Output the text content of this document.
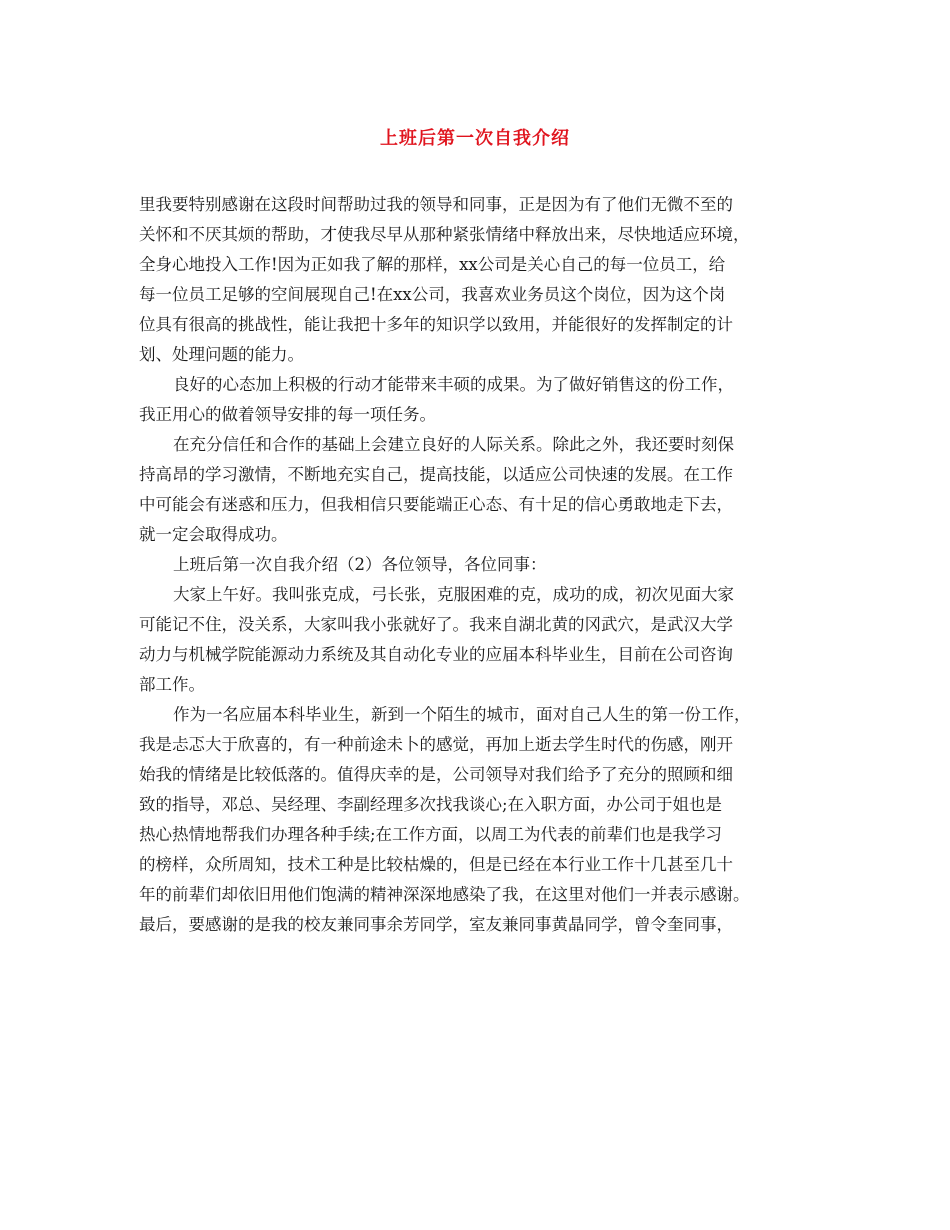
上班后第一次自我介绍
里我要特别感谢在这段时间帮助过我的领导和同事，正是因为有了他们无微不至的
关怀和不厌其烦的帮助，才使我尽早从那种紧张情绪中释放出来，尽快地适应环境，
全身心地投入工作!因为正如我了解的那样，xx公司是关心自己的每一位员工，给
每一位员工足够的空间展现自己!在xx公司，我喜欢业务员这个岗位，因为这个岗
位具有很高的挑战性，能让我把十多年的知识学以致用，并能很好的发挥制定的计
划、处理问题的能力。
良好的心态加上积极的行动才能带来丰硕的成果。为了做好销售这的份工作，
我正用心的做着领导安排的每一项任务。
在充分信任和合作的基础上会建立良好的人际关系。除此之外，我还要时刻保
持高昂的学习激情，不断地充实自己，提高技能，以适应公司快速的发展。在工作
中可能会有迷惑和压力，但我相信只要能端正心态、有十足的信心勇敢地走下去，
就一定会取得成功。
上班后第一次自我介绍（2）各位领导，各位同事：
大家上午好。我叫张克成，弓长张，克服困难的克，成功的成，初次见面大家
可能记不住，没关系，大家叫我小张就好了。我来自湖北黄的冈武穴，是武汉大学
动力与机械学院能源动力系统及其自动化专业的应届本科毕业生，目前在公司咨询
部工作。
作为一名应届本科毕业生，新到一个陌生的城市，面对自己人生的第一份工作，
我是忐忑大于欣喜的，有一种前途未卜的感觉，再加上逝去学生时代的伤感，刚开
始我的情绪是比较低落的。值得庆幸的是，公司领导对我们给予了充分的照顾和细
致的指导，邓总、吴经理、李副经理多次找我谈心;在入职方面，办公司于姐也是
热心热情地帮我们办理各种手续;在工作方面，以周工为代表的前辈们也是我学习
的榜样，众所周知，技术工种是比较枯燥的，但是已经在本行业工作十几甚至几十
年的前辈们却依旧用他们饱满的精神深深地感染了我，在这里对他们一并表示感谢。
最后，要感谢的是我的校友兼同事余芳同学，室友兼同事黄晶同学，曾令奎同事，
